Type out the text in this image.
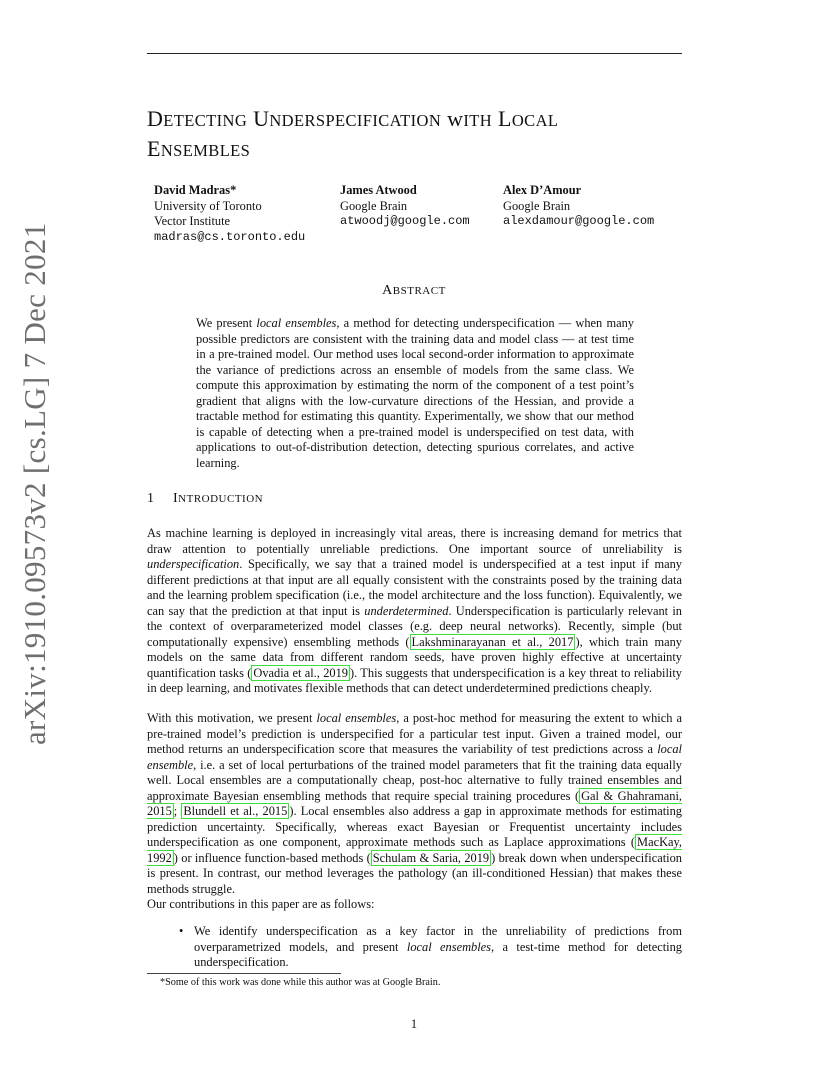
arXiv:1910.09573v2 [cs.LG] 7 Dec 2021
DETECTING UNDERSPECIFICATION wITH LOCAL
ENSEMBLES
David Madras*
University of Toronto
Vector Institute
madras@cs.toronto.edu
James Atwood
Google Brain
atwoodj@google.com
Alex D’Amour
Google Brain
alexdamour@google.com
ABSTRACT
We present local ensembles, a method for detecting underspecification — when many possible predictors are consistent with the training data and model class — at test time in a pre-trained model. Our method uses local second-order information to approximate the variance of predictions across an ensemble of models from the same class. We compute this approximation by estimating the norm of the component of a test point’s gradient that aligns with the low-curvature directions of the Hessian, and provide a tractable method for estimating this quantity. Experimentally, we show that our method is capable of detecting when a pre-trained model is underspecified on test data, with applications to out-of-distribution detection, detecting spurious correlates, and active learning.
1 INTRODUCTION
As machine learning is deployed in increasingly vital areas, there is increasing demand for metrics that draw attention to potentially unreliable predictions. One important source of unreliability is underspecification. Specifically, we say that a trained model is underspecified at a test input if many different predictions at that input are all equally consistent with the constraints posed by the training data and the learning problem specification (i.e., the model architecture and the loss function). Equivalently, we can say that the prediction at that input is underdetermined. Underspecification is particularly relevant in the context of overparameterized model classes (e.g. deep neural networks). Recently, simple (but computationally expensive) ensembling methods ( Lakshminarayanan et al., 2017 ), which train many models on the same data from different random seeds, have proven highly effective at uncertainty quantification tasks ( Ovadia et al., 2019 ). This suggests that underspecification is a key threat to reliability in deep learning, and motivates flexible methods that can detect underdetermined predictions cheaply.
With this motivation, we present local ensembles, a post-hoc method for measuring the extent to which a pre-trained model’s prediction is underspecified for a particular test input. Given a trained model, our method returns an underspecification score that measures the variability of test predictions across a local ensemble, i.e. a set of local perturbations of the trained model parameters that fit the training data equally well. Local ensembles are a computationally cheap, post-hoc alternative to fully trained ensembles and approximate Bayesian ensembling methods that require special training procedures ( Gal & Ghahramani, 2015 ; Blundell et al., 2015 ). Local ensembles also address a gap in approximate methods for estimating prediction uncertainty. Specifically, whereas exact Bayesian or Frequentist uncertainty includes underspecification as one component, approximate methods such as Laplace approximations ( MacKay, 1992 ) or influence function-based methods ( Schulam & Saria, 2019 ) break down when underspecification is present. In contrast, our method leverages the pathology (an ill-conditioned Hessian) that makes these methods struggle.
Our contributions in this paper are as follows:
• We identify underspecification as a key factor in the unreliability of predictions from overparametrized models, and present local ensembles, a test-time method for detecting underspecification.
*Some of this work was done while this author was at Google Brain.
1
